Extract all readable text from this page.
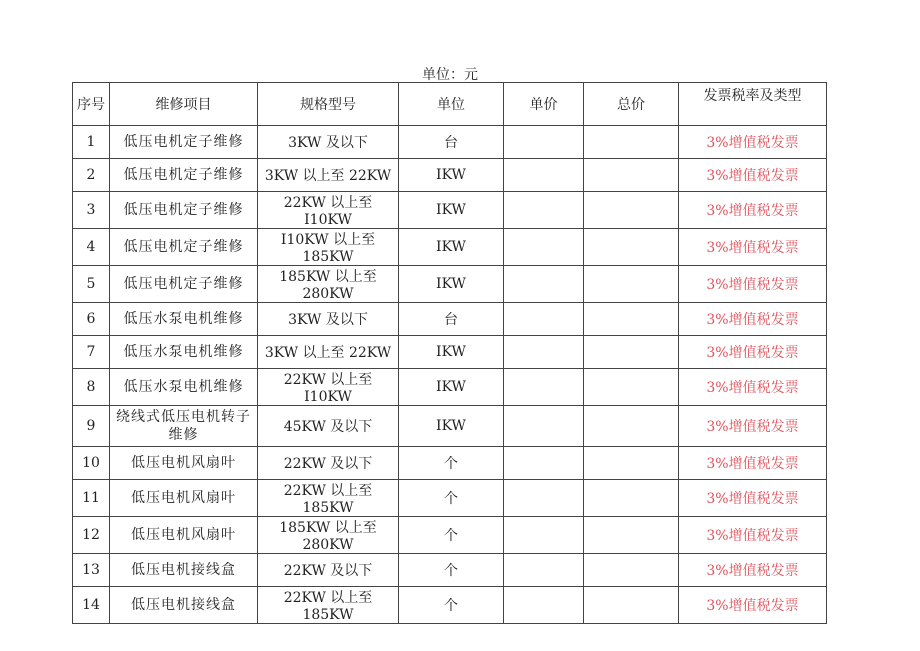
单位：元
序号	维修项目	规格型号	单位	单价	总价	发票税率及类型
1	低压电机定子维修	3KW 及以下	台			3%增值税发票
2	低压电机定子维修	3KW 以上至 22KW	IKW			3%增值税发票
3	低压电机定子维修	22KW 以上至 I10KW	IKW			3%增值税发票
4	低压电机定子维修	I10KW 以上至 185KW	IKW			3%增值税发票
5	低压电机定子维修	185KW 以上至 280KW	IKW			3%增值税发票
6	低压水泵电机维修	3KW 及以下	台			3%增值税发票
7	低压水泵电机维修	3KW 以上至 22KW	IKW			3%增值税发票
8	低压水泵电机维修	22KW 以上至 I10KW	IKW			3%增值税发票
9	绕线式低压电机转子维修	45KW 及以下	IKW			3%增值税发票
10	低压电机风扇叶	22KW 及以下	个			3%增值税发票
11	低压电机风扇叶	22KW 以上至 185KW	个			3%增值税发票
12	低压电机风扇叶	185KW 以上至 280KW	个			3%增值税发票
13	低压电机接线盒	22KW 及以下	个			3%增值税发票
14	低压电机接线盒	22KW 以上至 185KW	个			3%增值税发票
